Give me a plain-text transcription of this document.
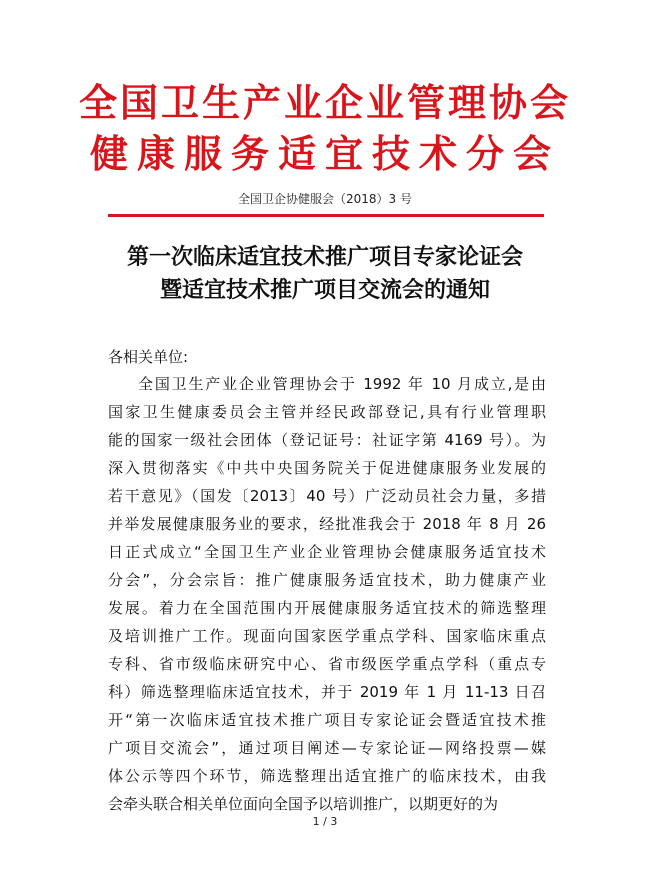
全国卫生产业企业管理协会
健康服务适宜技术分会
全国卫企协健服会（2018）3 号
第一次临床适宜技术推广项目专家论证会
暨适宜技术推广项目交流会的通知
各相关单位:
全国卫生产业企业管理协会于 1992 年 10 月成立,是由
国家卫生健康委员会主管并经民政部登记,具有行业管理职
能的国家一级社会团体（登记证号：社证字第 4169 号）。为
深入贯彻落实《中共中央国务院关于促进健康服务业发展的
若干意见》（国发〔2013〕40 号）广泛动员社会力量，多措
并举发展健康服务业的要求，经批准我会于 2018 年 8 月 26
日正式成立“全国卫生产业企业管理协会健康服务适宜技术
分会”，分会宗旨：推广健康服务适宜技术，助力健康产业
发展。着力在全国范围内开展健康服务适宜技术的筛选整理
及培训推广工作。现面向国家医学重点学科、国家临床重点
专科、省市级临床研究中心、省市级医学重点学科（重点专
科）筛选整理临床适宜技术，并于 2019 年 1 月 11-13 日召
开“第一次临床适宜技术推广项目专家论证会暨适宜技术推
广项目交流会”，通过项目阐述—专家论证—网络投票—媒
体公示等四个环节，筛选整理出适宜推广的临床技术，由我
会牵头联合相关单位面向全国予以培训推广，以期更好的为
1 / 3
